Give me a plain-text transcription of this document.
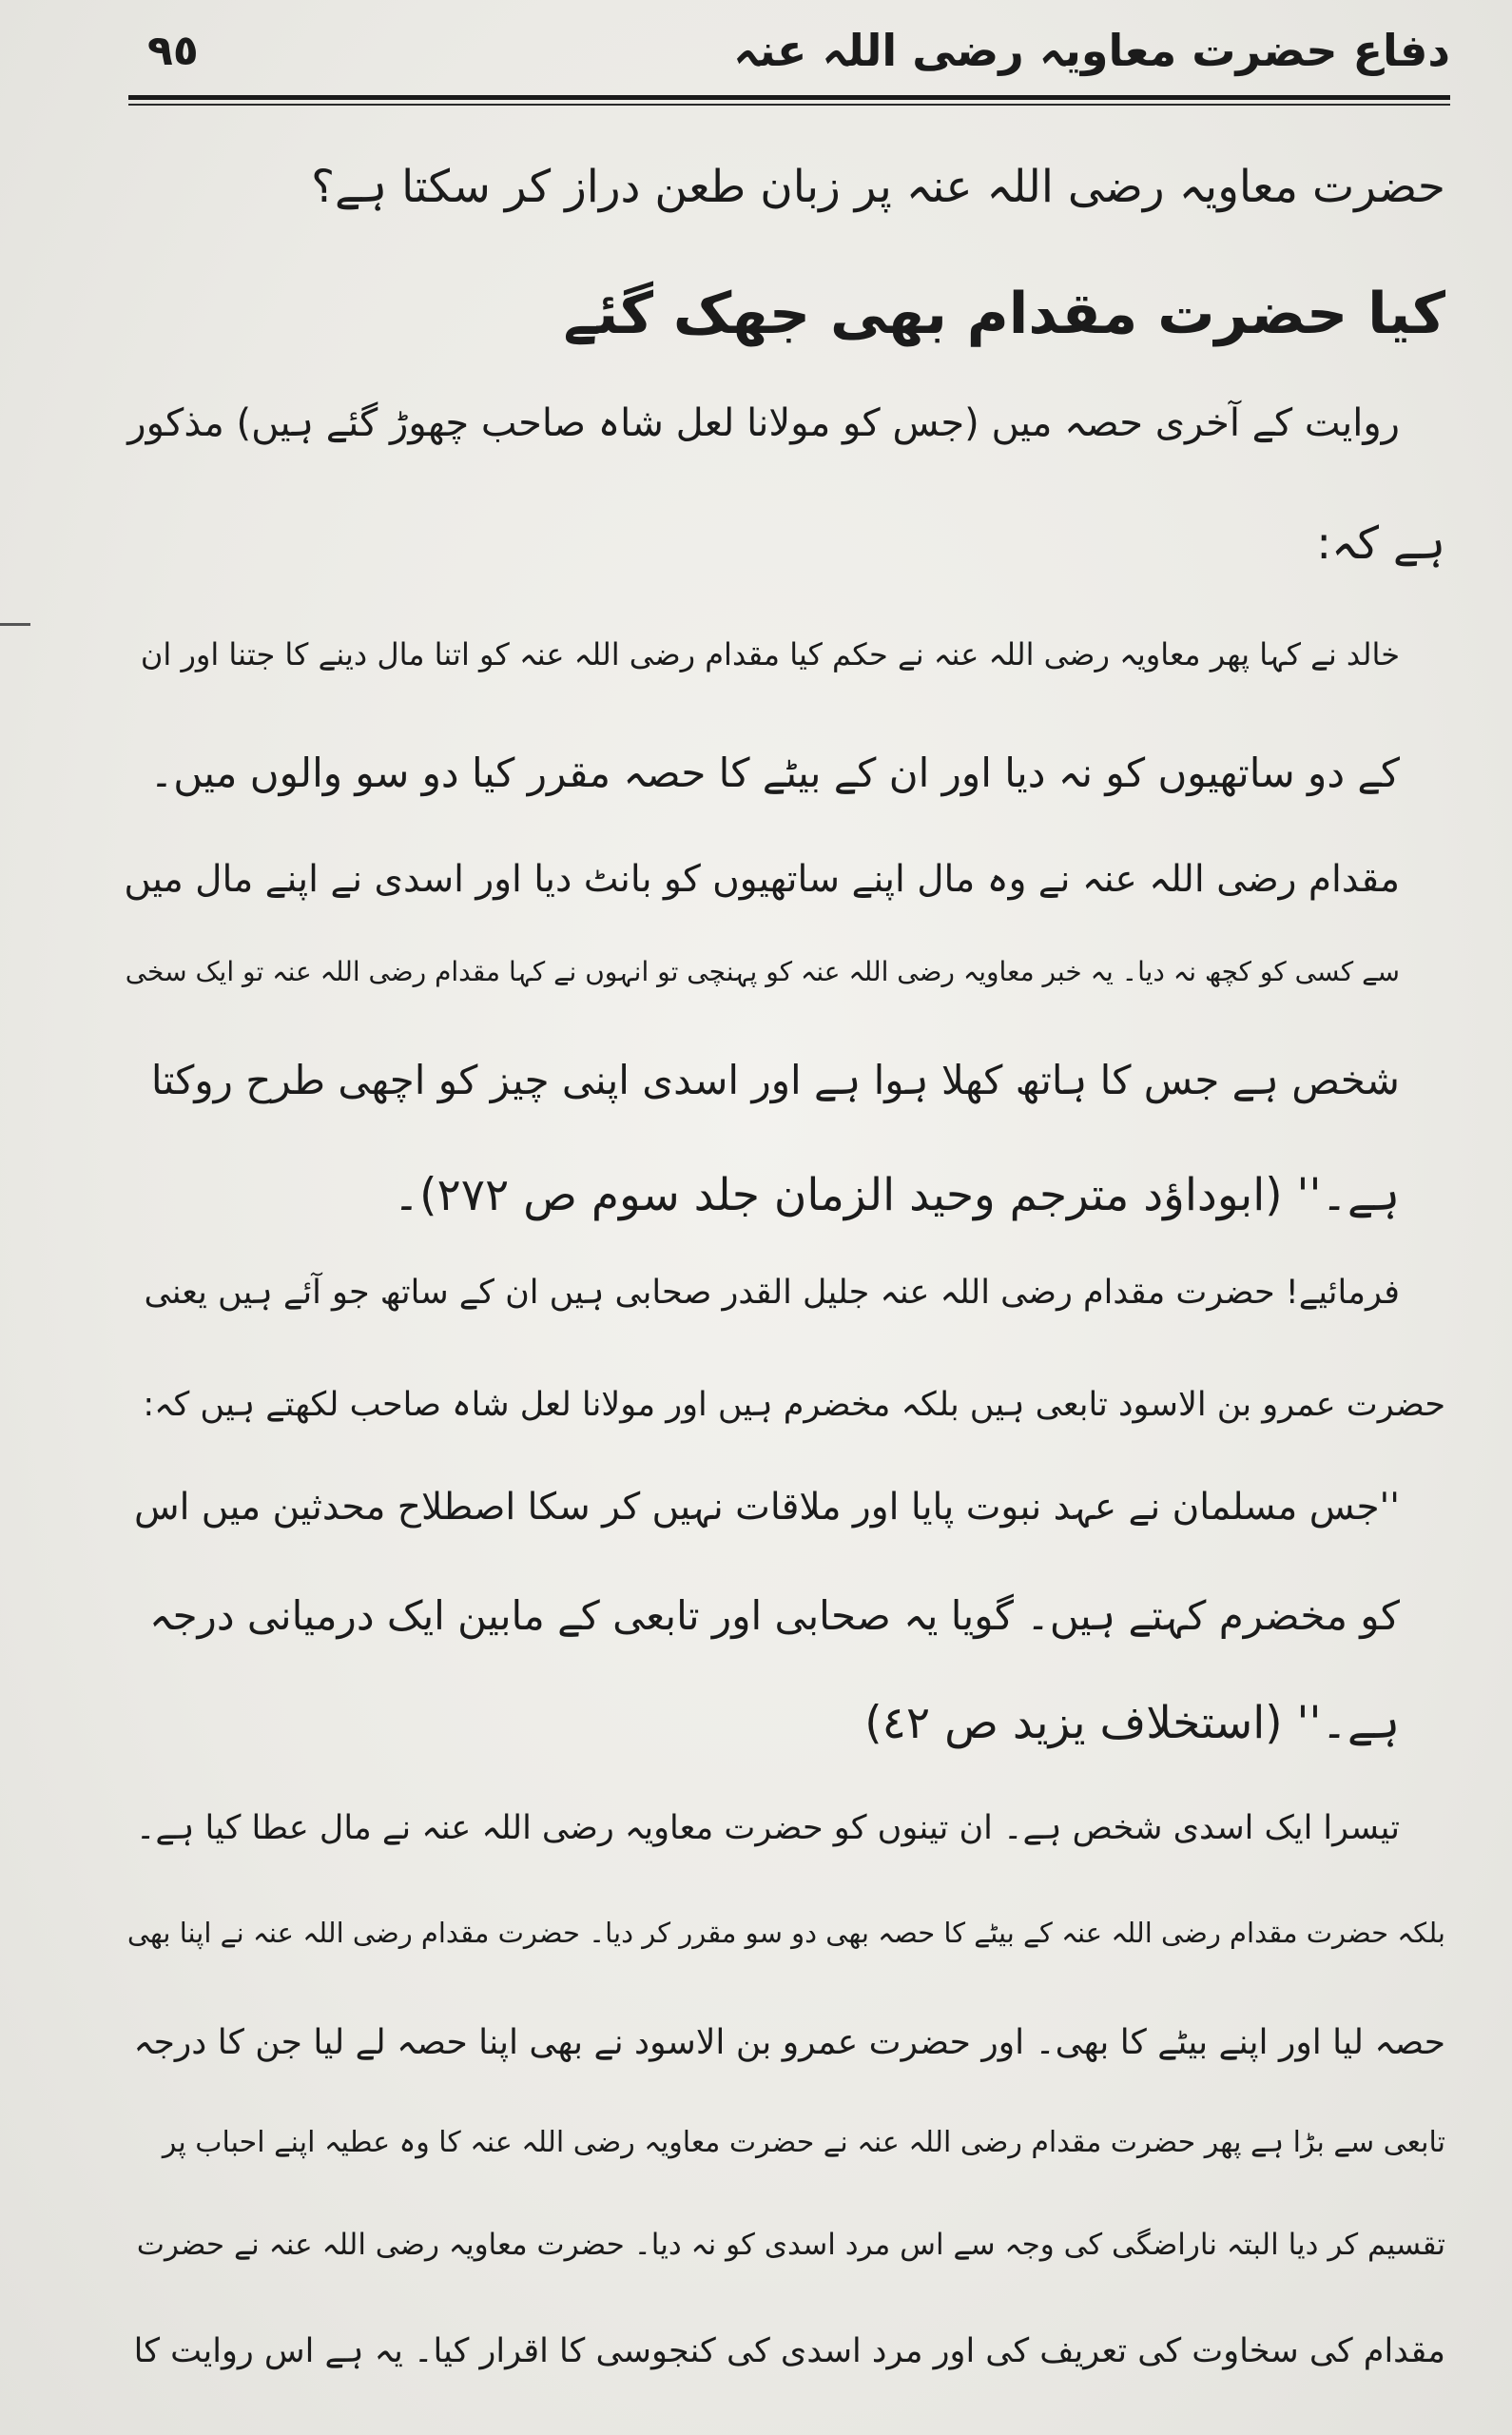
٩٥	دفاع حضرت معاویہ رضی اللہ عنہ
حضرت معاویہ رضی اللہ عنہ پر زبان طعن دراز کر سکتا ہے؟
کیا حضرت مقدام بھی جھک گئے
روایت کے آخری حصہ میں (جس کو مولانا لعل شاہ صاحب چھوڑ گئے ہیں) مذکور
ہے کہ:
خالد نے کہا پھر معاویہ رضی اللہ عنہ نے حکم کیا مقدام رضی اللہ عنہ کو اتنا مال دینے کا جتنا اور ان
کے دو ساتھیوں کو نہ دیا اور ان کے بیٹے کا حصہ مقرر کیا دو سو والوں میں۔
مقدام رضی اللہ عنہ نے وہ مال اپنے ساتھیوں کو بانٹ دیا اور اسدی نے اپنے مال میں
سے کسی کو کچھ نہ دیا۔ یہ خبر معاویہ رضی اللہ عنہ کو پہنچی تو انہوں نے کہا مقدام رضی اللہ عنہ تو ایک سخی
شخص ہے جس کا ہاتھ کھلا ہوا ہے اور اسدی اپنی چیز کو اچھی طرح روکتا
ہے۔'' (ابوداؤد مترجم وحید الزمان جلد سوم ص ٢٧٢)۔
فرمائیے! حضرت مقدام رضی اللہ عنہ جلیل القدر صحابی ہیں ان کے ساتھ جو آئے ہیں یعنی
حضرت عمرو بن الاسود تابعی ہیں بلکہ مخضرم ہیں اور مولانا لعل شاہ صاحب لکھتے ہیں کہ:
''جس مسلمان نے عہد نبوت پایا اور ملاقات نہیں کر سکا اصطلاح محدثین میں اس
کو مخضرم کہتے ہیں۔ گویا یہ صحابی اور تابعی کے مابین ایک درمیانی درجہ
ہے۔'' (استخلاف یزید ص ٤٢)
تیسرا ایک اسدی شخص ہے۔ ان تینوں کو حضرت معاویہ رضی اللہ عنہ نے مال عطا کیا ہے۔
بلکہ حضرت مقدام رضی اللہ عنہ کے بیٹے کا حصہ بھی دو سو مقرر کر دیا۔ حضرت مقدام رضی اللہ عنہ نے اپنا بھی
حصہ لیا اور اپنے بیٹے کا بھی۔ اور حضرت عمرو بن الاسود نے بھی اپنا حصہ لے لیا جن کا درجہ
تابعی سے بڑا ہے پھر حضرت مقدام رضی اللہ عنہ نے حضرت معاویہ رضی اللہ عنہ کا وہ عطیہ اپنے احباب پر
تقسیم کر دیا البتہ ناراضگی کی وجہ سے اس مرد اسدی کو نہ دیا۔ حضرت معاویہ رضی اللہ عنہ نے حضرت
مقدام کی سخاوت کی تعریف کی اور مرد اسدی کی کنجوسی کا اقرار کیا۔ یہ ہے اس روایت کا
